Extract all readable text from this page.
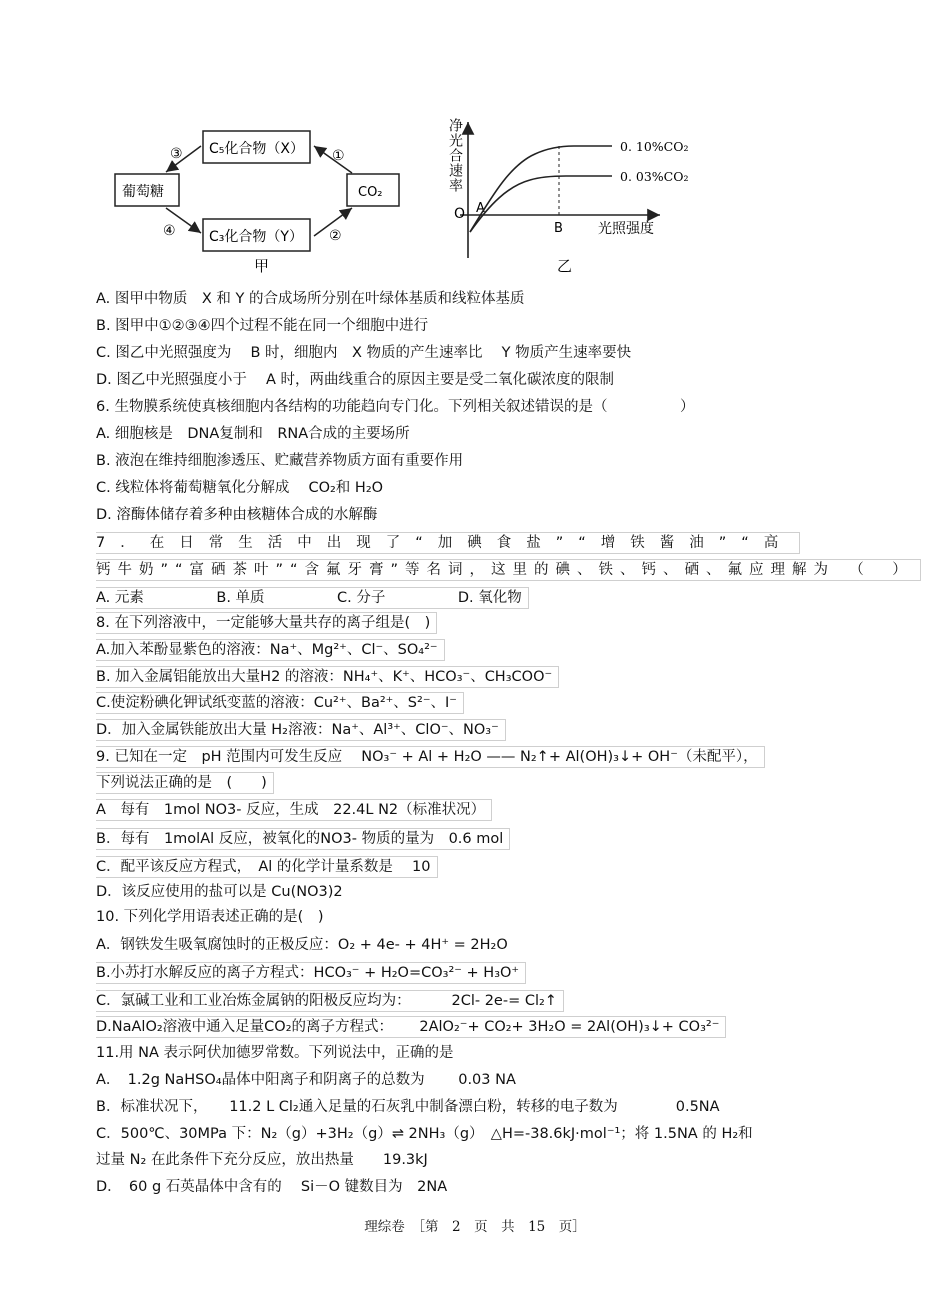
C₅化合物（X）
C₃化合物（Y）
葡萄糖	CO₂
①
②
③
④
甲
净光合速率
光照强度
O A
B
0. 10%CO₂
0. 03%CO₂
乙
A. 图甲中物质　X 和 Y 的合成场所分别在叶绿体基质和线粒体基质
B. 图甲中①②③④四个过程不能在同一个细胞中进行
C. 图乙中光照强度为　 B 时，细胞内　X 物质的产生速率比　 Y 物质产生速率要快
D. 图乙中光照强度小于　 A 时，两曲线重合的原因主要是受二氧化碳浓度的限制
6. 生物膜系统使真核细胞内各结构的功能趋向专门化。下列相关叙述错误的是（　　　　　）
A. 细胞核是　DNA复制和　RNA合成的主要场所
B. 液泡在维持细胞渗透压、贮藏营养物质方面有重要作用
C. 线粒体将葡萄糖氧化分解成　 CO₂和 H₂O
D. 溶酶体储存着多种由核糖体合成的水解酶
7．在日常生活中出现了“加碘食盐”“增铁酱油”“高
钙牛奶”“富硒茶叶”“含氟牙膏”等名词，这里的碘、铁、钙、硒、氟应理解为　（　）
A. 元素　　　　　B. 单质　　　　　C. 分子　　　　　D. 氧化物
8. 在下列溶液中，一定能够大量共存的离子组是(　)
A.加入苯酚显紫色的溶液：Na⁺、Mg²⁺、Cl⁻、SO₄²⁻
B. 加入金属铝能放出大量H2 的溶液：NH₄⁺、K⁺、HCO₃⁻、CH₃COO⁻
C.使淀粉碘化钾试纸变蓝的溶液：Cu²⁺、Ba²⁺、S²⁻、I⁻
D．加入金属铁能放出大量 H₂溶液：Na⁺、Al³⁺、ClO⁻、NO₃⁻
9. 已知在一定　pH 范围内可发生反应　 NO₃⁻ + Al + H₂O —— N₂↑+ Al(OH)₃↓+ OH⁻（未配平），
下列说法正确的是　(　　)
A　每有　1mol NO3- 反应，生成　22.4L N2（标准状况）
B．每有　1molAl 反应，被氧化的NO3- 物质的量为　0.6 mol
C．配平该反应方程式，　Al 的化学计量系数是　 10
D．该反应使用的盐可以是 Cu(NO3)2
10. 下列化学用语表述正确的是(　)
A．钢铁发生吸氧腐蚀时的正极反应：O₂ + 4e- + 4H⁺ = 2H₂O
B.小苏打水解反应的离子方程式：HCO₃⁻ + H₂O=CO₃²⁻ + H₃O⁺
C．氯碱工业和工业冶炼金属钠的阳极反应均为：　　　 2Cl- 2e-= Cl₂↑
D.NaAlO₂溶液中通入足量CO₂的离子方程式：　　 2AlO₂⁻+ CO₂+ 3H₂O = 2Al(OH)₃↓+ CO₃²⁻
11.用 NA 表示阿伏加德罗常数。下列说法中，正确的是
A．　1.2g NaHSO₄晶体中阳离子和阴离子的总数为　　 0.03 NA
B．标准状况下，　　11.2 L Cl₂通入足量的石灰乳中制备漂白粉，转移的电子数为　　　　0.5NA
C．500℃、30MPa 下：N₂（g）+3H₂（g）⇌ 2NH₃（g）　△H=-38.6kJ·mol⁻¹；将 1.5NA 的 H₂和
过量 N₂ 在此条件下充分反应，放出热量　　19.3kJ
D．　60 g 石英晶体中含有的　 Si－O 键数目为　2NA
理综卷　［第　2　页　共　15　页］
